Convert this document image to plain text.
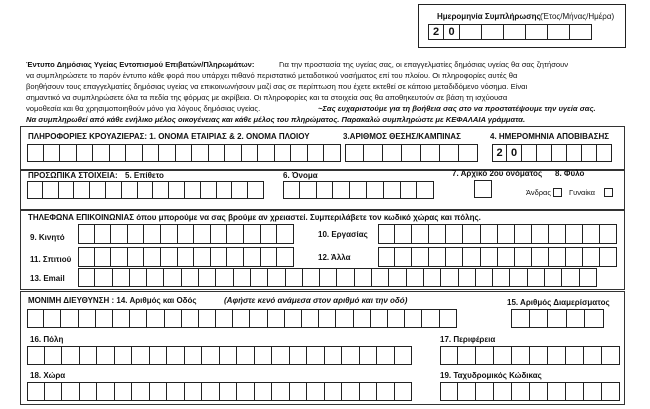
Ημερομηνία Συμπλήρωσης (Έτος/Μήνας/Ημέρα)
2 0
Έντυπο Δημόσιας Υγείας Εντοπισμού Επιβατών/Πληρωμάτων:	Για την προστασία της υγείας σας, οι επαγγελματίες δημόσιας υγείας θα σας ζητήσουν
να συμπληρώσετε το παρόν έντυπο κάθε φορά που υπάρχει πιθανό περιστατικό μεταδοτικού νοσήματος επί του πλοίου. Οι πληροφορίες αυτές θα
βοηθήσουν τους επαγγελματίες δημόσιας υγείας να επικοινωνήσουν μαζί σας σε περίπτωση που έχετε εκτεθεί σε κάποιο μεταδιδόμενο νόσημα. Είναι
σημαντικό να συμπληρώσετε όλα τα πεδία της φόρμας με ακρίβεια. Οι πληροφορίες και τα στοιχεία σας θα αποθηκευτούν σε βάση τη ισχύουσα
νομοθεσία και θα χρησιμοποιηθούν μόνο για λόγους δημόσιας υγείας.	~Σας ευχαριστούμε για τη βοήθεια σας στο να προστατέψουμε την υγεία σας.
Να συμπληρωθεί από κάθε ενήλικο μέλος οικογένειας και κάθε μέλος του πληρώματος. Παρακαλώ συμπληρώστε με ΚΕΦΑΛΑΙΑ γράμματα.
ΠΛΗΡΟΦΟΡΙΕΣ ΚΡΟΥΑΖΙΕΡΑΣ: 1. ΟΝΟΜΑ ΕΤΑΙΡΙΑΣ & 2. ΟΝΟΜΑ ΠΛΟΙΟΥ	3.ΑΡΙΘΜΟΣ ΘΕΣΗΣ/ΚΑΜΠΙΝΑΣ	4. ΗΜΕΡΟΜΗΝΙΑ ΑΠΟΒΙΒΑΣΗΣ
2 0
ΠΡΟΣΩΠΙΚΑ ΣΤΟΙΧΕΙΑ: 5. Επίθετο	6. Όνομα	7. Αρχικό 2ου ονόματος 8. Φύλο
Άνδρας Γυναίκα
ΤΗΛΕΦΩΝΑ ΕΠΙΚΟΙΝΩΝΙΑΣ όπου μπορούμε να σας βρούμε αν χρειαστεί. Συμπεριλάβετε τον κωδικό χώρας και πόλης.
9. Κινητό	10. Εργασίας
11. Σπιτιού	12. Άλλα
13. Email
ΜΟΝΙΜΗ ΔΙΕΥΘΥΝΣΗ : 14. Αριθμός και Οδός	(Αφήστε κενό ανάμεσα στον αριθμό και την οδό)	15. Αριθμός Διαμερίσματος
16. Πόλη	17. Περιφέρεια
18. Χώρα	19. Ταχυδρομικός Κώδικας
